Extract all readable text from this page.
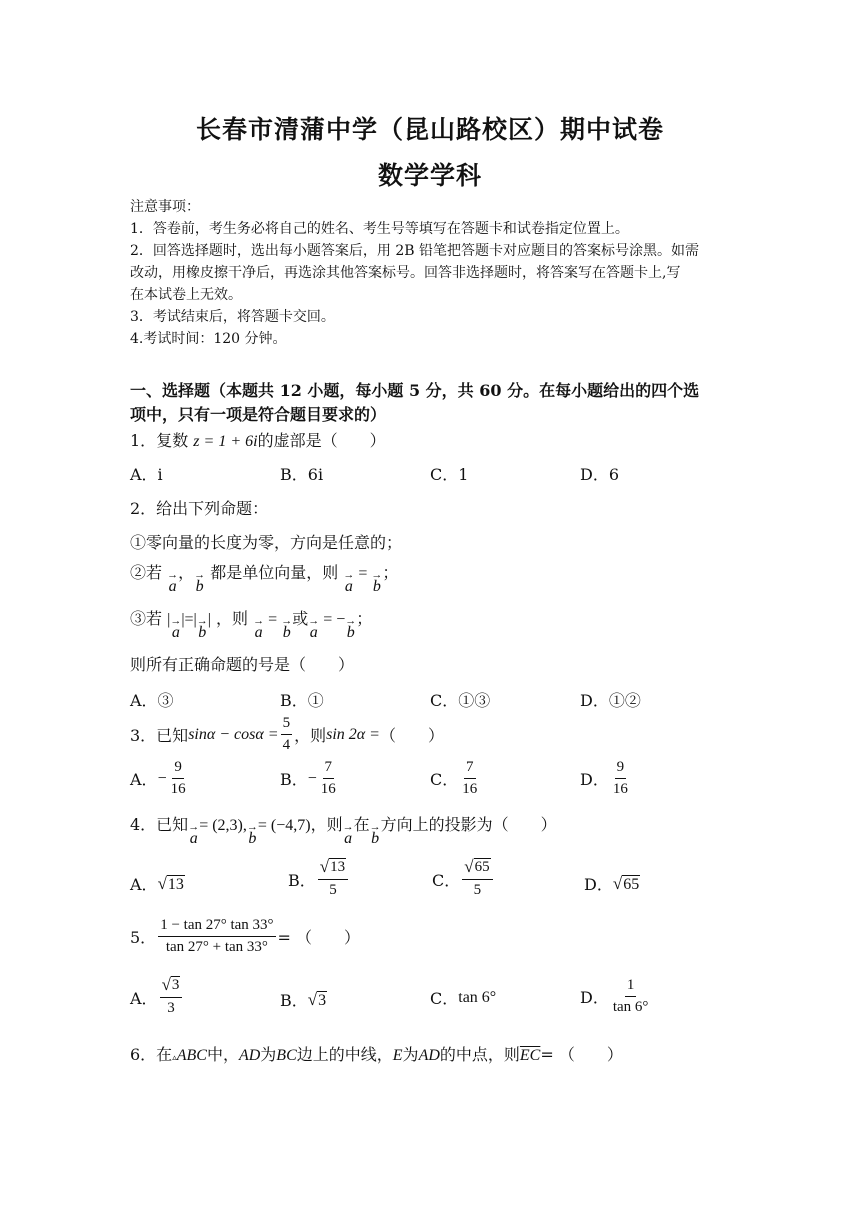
长春市清蒲中学（昆山路校区）期中试卷
数学学科
注意事项：
1．答卷前，考生务必将自己的姓名、考生号等填写在答题卡和试卷指定位置上。
2．回答选择题时，选出每小题答案后，用 2B 铅笔把答题卡对应题目的答案标号涂黑。如需
改动，用橡皮擦干净后，再选涂其他答案标号。回答非选择题时，将答案写在答题卡上,写
在本试卷上无效。
3．考试结束后，将答题卡交回。
4.考试时间：120 分钟。
一、选择题（本题共 12 小题，每小题 5 分，共 60 分。在每小题给出的四个选
项中，只有一项是符合题目要求的）
1．复数 z = 1 + 6i的虚部是（　　）
A．i	B．6i	C．1	D．6
2．给出下列命题：
①零向量的长度为零，方向是任意的；
②若 →
a
， →
b
都是单位向量，则 →
a
= →
b
；
③若 | →
a
|=| →
b
| ，则 →
a
= →
b
或 →
a
= − →
b
；
则所有正确命题的号是（　　）
A．③	B．①	C．①③	D．①②
3．已知 $\sin\alpha - \cos\alpha = \frac{5}{4}$ ，则 sin 2α = （　　）
A． − $\frac{9}{16}$	B． − $\frac{7}{16}$	C． $\frac{7}{16}$	D． $\frac{9}{16}$
4．已知 →
a
= (2,3), →
b
= (−4,7)，则 →
a
在 →
b
方向上的投影为（　　）
A． √ 13	B． $\frac{√ 13}{5}$	C． $\frac{√ 65}{5}$	D． √ 65
5． $\frac{1 - \tan 27^\circ \tan 33^\circ}{\tan 27^\circ + \tan 33^\circ}$ = （　　）
A． $\frac{√ 3}{3}$	B． √ 3	C． tan 6°	D． $\frac{1}{\tan 6^\circ}$
6．在▵ABC中，AD为BC边上的中线，E为AD的中点，则$\overline{EC}=$ （　　）
